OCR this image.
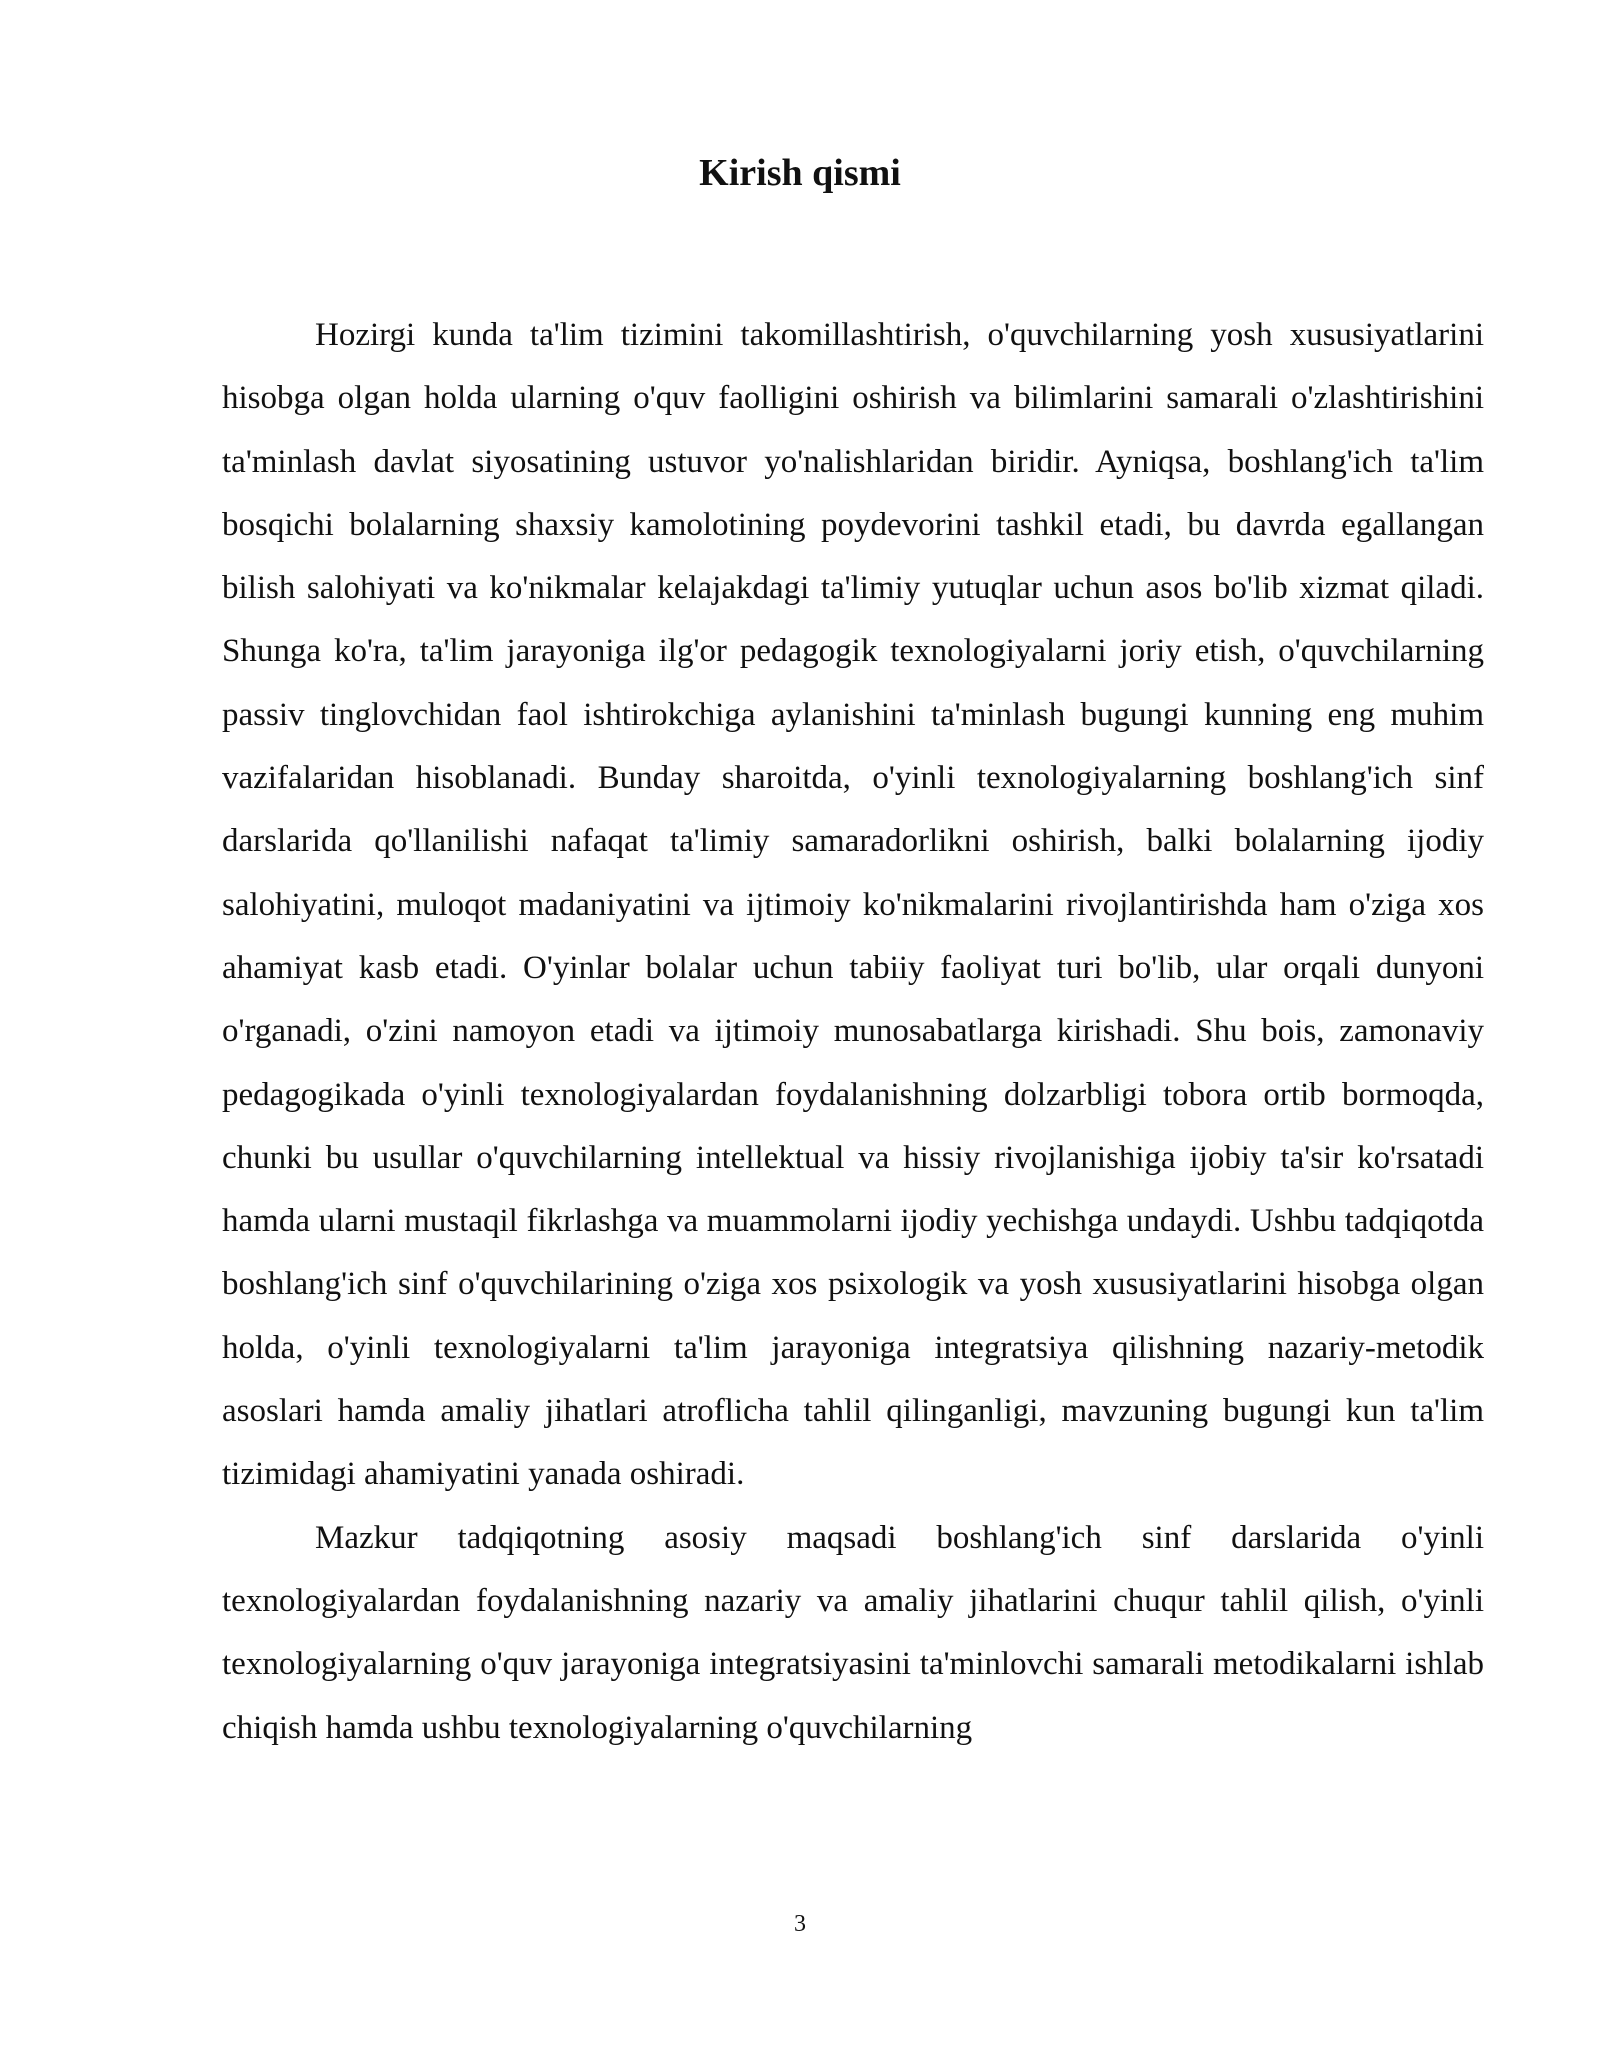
Kirish qismi

Hozirgi kunda ta'lim tizimini takomillashtirish, o'quvchilarning yosh xususiyatlarini hisobga olgan holda ularning o'quv faolligini oshirish va bilimlarini samarali o'zlashtirishini ta'minlash davlat siyosatining ustuvor yo'nalishlaridan biridir. Ayniqsa, boshlang'ich ta'lim bosqichi bolalarning shaxsiy kamolotining poydevorini tashkil etadi, bu davrda egallangan bilish salohiyati va ko'nikmalar kelajakdagi ta'limiy yutuqlar uchun asos bo'lib xizmat qiladi. Shunga ko'ra, ta'lim jarayoniga ilg'or pedagogik texnologiyalarni joriy etish, o'quvchilarning passiv tinglovchidan faol ishtirokchiga aylanishini ta'minlash bugungi kunning eng muhim vazifalaridan hisoblanadi. Bunday sharoitda, o'yinli texnologiyalarning boshlang'ich sinf darslarida qo'llanilishi nafaqat ta'limiy samaradorlikni oshirish, balki bolalarning ijodiy salohiyatini, muloqot madaniyatini va ijtimoiy ko'nikmalarini rivojlantirishda ham o'ziga xos ahamiyat kasb etadi. O'yinlar bolalar uchun tabiiy faoliyat turi bo'lib, ular orqali dunyoni o'rganadi, o'zini namoyon etadi va ijtimoiy munosabatlarga kirishadi. Shu bois, zamonaviy pedagogikada o'yinli texnologiyalardan foydalanishning dolzarbligi tobora ortib bormoqda, chunki bu usullar o'quvchilarning intellektual va hissiy rivojlanishiga ijobiy ta'sir ko'rsatadi hamda ularni mustaqil fikrlashga va muammolarni ijodiy yechishga undaydi. Ushbu tadqiqotda boshlang'ich sinf o'quvchilarining o'ziga xos psixologik va yosh xususiyatlarini hisobga olgan holda, o'yinli texnologiyalarni ta'lim jarayoniga integratsiya qilishning nazariy-metodik asoslari hamda amaliy jihatlari atroflicha tahlil qilinganligi, mavzuning bugungi kun ta'lim tizimidagi ahamiyatini yanada oshiradi.

Mazkur tadqiqotning asosiy maqsadi boshlang'ich sinf darslarida o'yinli texnologiyalardan foydalanishning nazariy va amaliy jihatlarini chuqur tahlil qilish, o'yinli texnologiyalarning o'quv jarayoniga integratsiyasini ta'minlovchi samarali metodikalarni ishlab chiqish hamda ushbu texnologiyalarning o'quvchilarning

3
